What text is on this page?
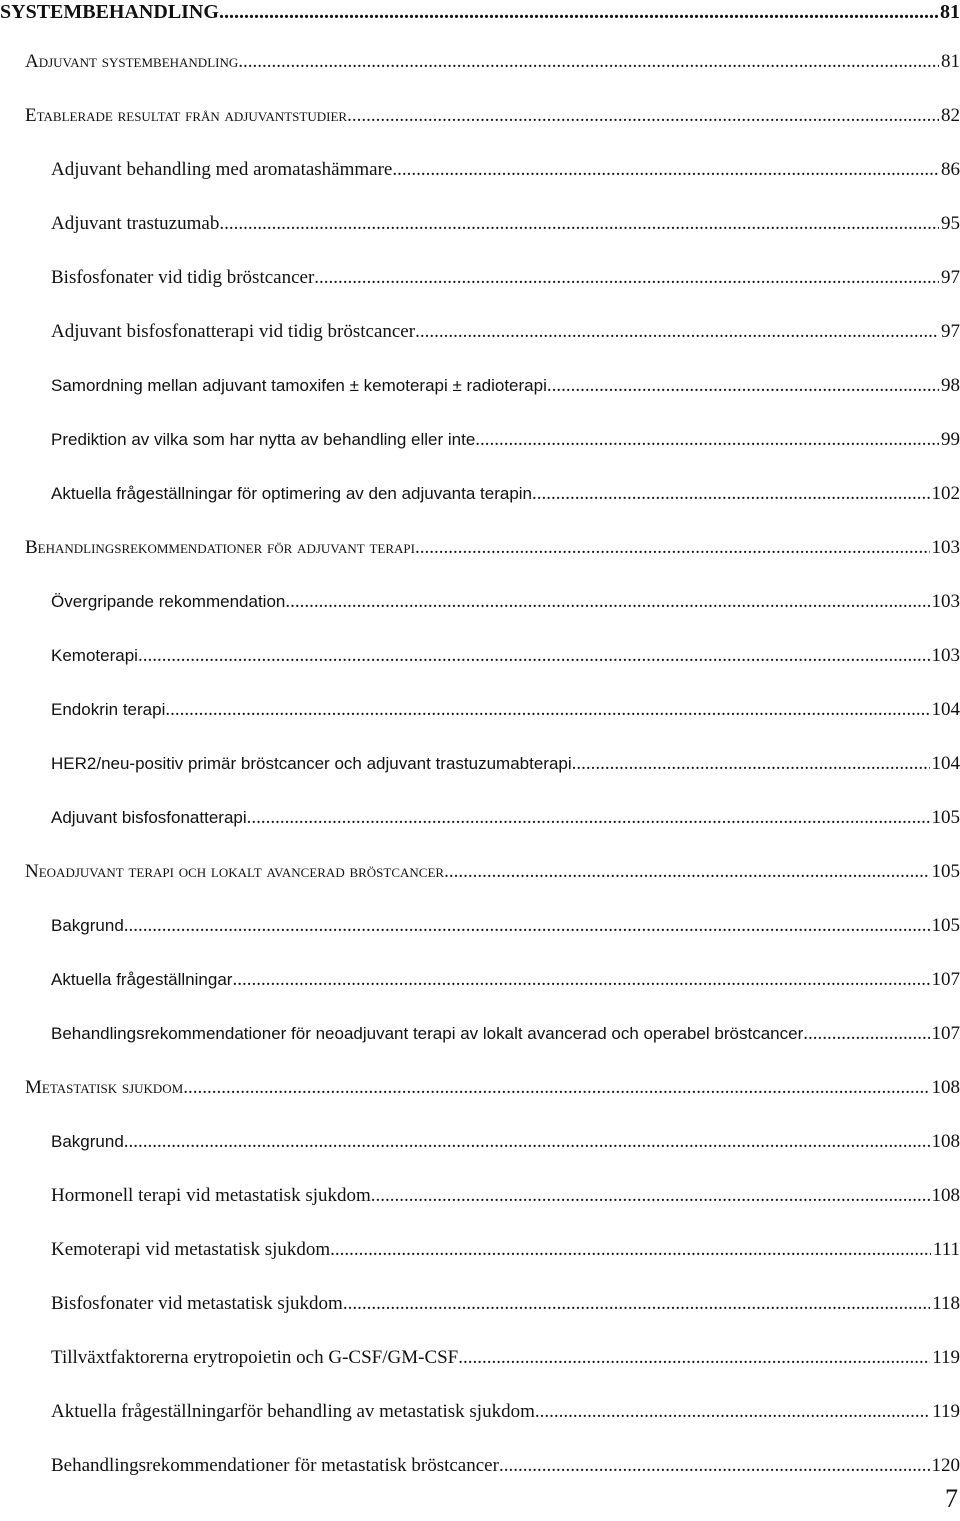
SYSTEMBEHANDLING .....	81
Adjuvant systembehandling .....	81
Etablerade resultat från adjuvantstudier .....	82
Adjuvant behandling med aromatashämmare .....	86
Adjuvant trastuzumab .....	95
Bisfosfonater vid tidig bröstcancer .....	97
Adjuvant bisfosfonatterapi vid tidig bröstcancer .....	97
Samordning mellan adjuvant tamoxifen ± kemoterapi ± radioterapi .....	98
Prediktion av vilka som har nytta av behandling eller inte .....	99
Aktuella frågeställningar för optimering av den adjuvanta terapin .....	102
Behandlingsrekommendationer för adjuvant terapi .....	103
Övergripande rekommendation .....	103
Kemoterapi .....	103
Endokrin terapi .....	104
HER2/neu-positiv primär bröstcancer och adjuvant trastuzumabterapi .....	104
Adjuvant bisfosfonatterapi .....	105
Neoadjuvant terapi och lokalt avancerad bröstcancer .....	105
Bakgrund .....	105
Aktuella frågeställningar .....	107
Behandlingsrekommendationer för neoadjuvant terapi av lokalt avancerad och operabel bröstcancer .....	107
Metastatisk sjukdom .....	108
Bakgrund .....	108
Hormonell terapi vid metastatisk sjukdom .....	108
Kemoterapi vid metastatisk sjukdom .....	111
Bisfosfonater vid metastatisk sjukdom .....	118
Tillväxtfaktorerna erytropoietin och G-CSF/GM-CSF .....	119
Aktuella frågeställningarför behandling av metastatisk sjukdom .....	119
Behandlingsrekommendationer för metastatisk bröstcancer .....	120
7
